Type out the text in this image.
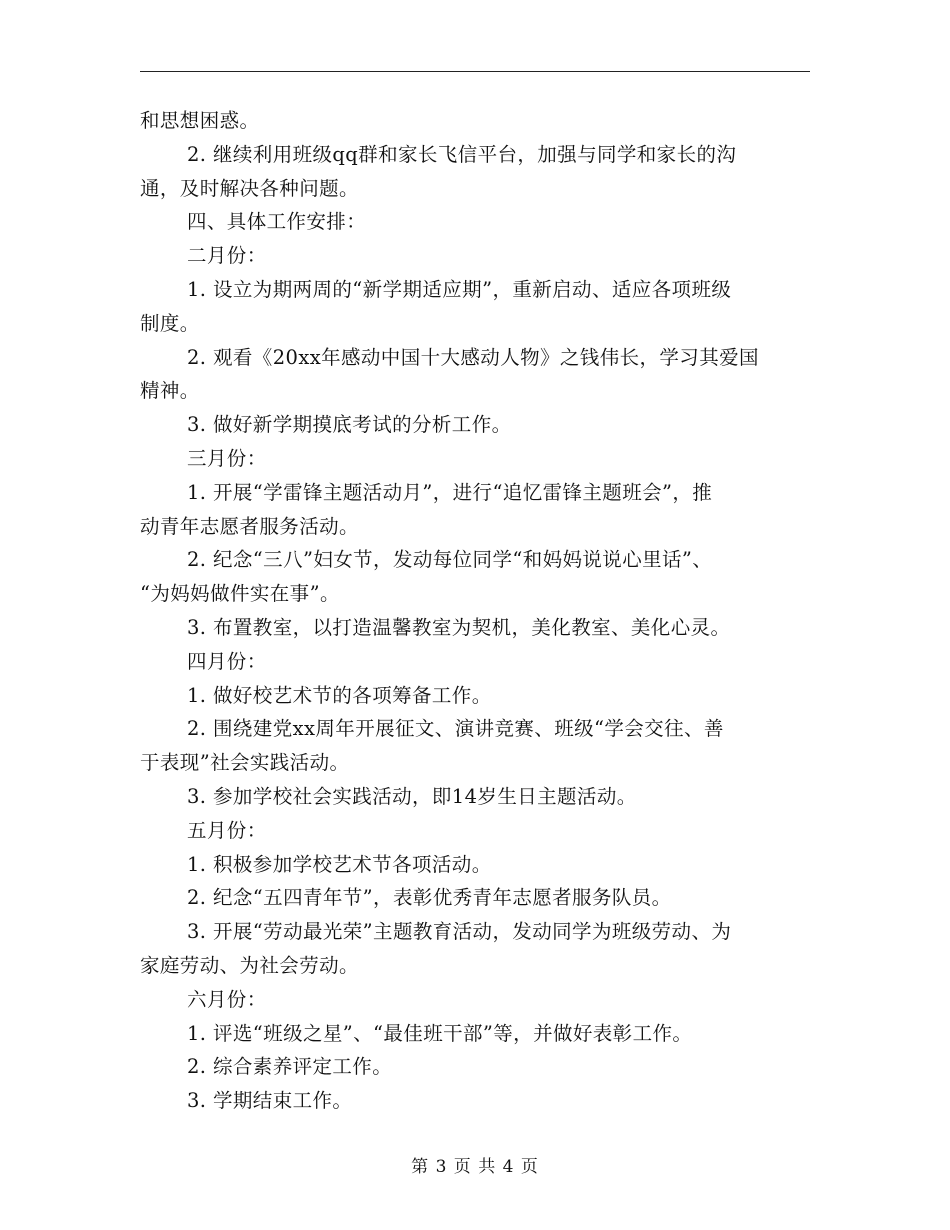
和思想困惑。
2. 继续利用班级qq群和家长飞信平台，加强与同学和家长的沟
通，及时解决各种问题。
四、具体工作安排：
二月份：
1. 设立为期两周的“新学期适应期”，重新启动、适应各项班级
制度。
2. 观看《20xx年感动中国十大感动人物》之钱伟长，学习其爱国
精神。
3. 做好新学期摸底考试的分析工作。
三月份：
1. 开展“学雷锋主题活动月”，进行“追忆雷锋主题班会”，推
动青年志愿者服务活动。
2. 纪念“三八”妇女节，发动每位同学“和妈妈说说心里话”、
“为妈妈做件实在事”。
3. 布置教室，以打造温馨教室为契机，美化教室、美化心灵。
四月份：
1. 做好校艺术节的各项筹备工作。
2. 围绕建党xx周年开展征文、演讲竞赛、班级“学会交往、善
于表现”社会实践活动。
3. 参加学校社会实践活动，即14岁生日主题活动。
五月份：
1. 积极参加学校艺术节各项活动。
2. 纪念“五四青年节”，表彰优秀青年志愿者服务队员。
3. 开展“劳动最光荣”主题教育活动，发动同学为班级劳动、为
家庭劳动、为社会劳动。
六月份：
1. 评选“班级之星”、“最佳班干部”等，并做好表彰工作。
2. 综合素养评定工作。
3. 学期结束工作。
第 3 页 共 4 页
